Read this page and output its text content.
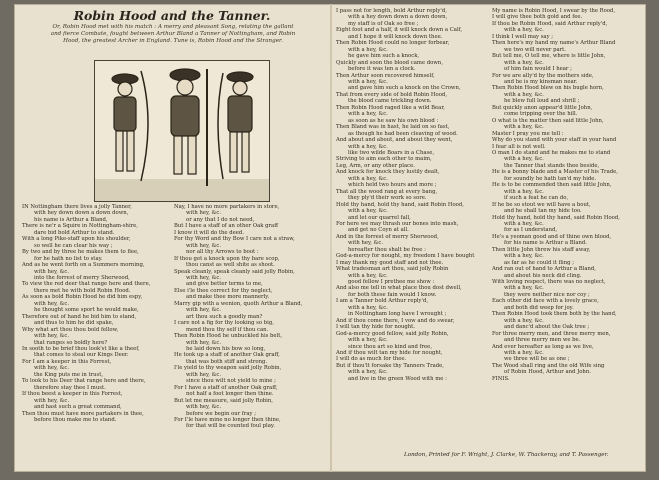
Robin Hood and the Tanner.
Or, Robin Hood met with his match : A merry and pleasant Song, relating the gallant
and fierce Combate, fought between Arthur Bland a Tanner of Nottingham, and Robin
Hood, the greatest Archer in England. Tune is, Robin Hood and the Stranger.
IN Nottingham there lives a jolly Tanner,
with hey down down a down down,
his name is Arthur a Bland,
There is ne'r a Squire in Nottingham-shire,
dare bid bold Arthur to stand.
With a long Pike-staff upon his shoulder,
so well he can clear his way ;
By two and by three he makes them to flee,
for he hath no list to stay.
And as he went forth on a Summers morning,
with hey, &c.
into the forrest of merry Sherwood,
To view the red deer that range here and there,
there met he with bold Robin Hood.
As soon as bold Robin Hood he did him espy,
with hey, &c.
he thought some sport he would make,
Therefore out of hand he bid him to stand,
and thus to him he did spake,
Why what art thou thou bold fellow,
with hey, &c.
that ranges so boldly here?
In sooth to be brief thou look'st like a theef,
that comes to steal our Kings Deer.
For I am a keeper in this Forrest,
with hey, &c.
the King puts me in trust,
To look to his Deer that range here and there,
therefore stay thee I must.
If thou beest a keeper in this Forrest,
with hey, &c.
and hast such a great command,
Then thou must have more partakers in thee,
before thou make me to stand.
Nay, I have no more partakers in store,
with hey, &c.
or any that I do not need,
But I have a staff of an other Oak graff
I know it will do the deed.
For thy Word and thy Bow I care not a straw,
with hey, &c.
nor all thy Arrows to boot :
If thou get a knock upon thy bare scop,
thou canst as well shite as shoot.
Speak cleanly, speak cleanly said jolly Robin,
with hey, &c.
and give better terms to me,
Else i'le thee correct for thy neglect,
and make thee more mannerly.
Marry gip with a wenion, quoth Arthur a Bland,
with hey, &c.
art thou such a goodly man?
I care not a fig for thy looking so big,
mend thou thy self if thou can.
Then Robin Hood he unbuckled his belt,
with hey, &c.
he laid down his bow so long,
He took up a staff of another Oak graff,
that was both stiff and strong.
I'le yield to thy weapon said jolly Robin,
with hey, &c.
since thou wilt not yield to mine ;
For I have a staff of another Oak graff,
not half a foot longer then thine.
But let me measure, said jolly Robin,
with hey, &c.
before we begin our fray ;
For I'le have mine no longer then thine,
for that will be counted foul play.
I pass not for length, bold Arthur reply'd,
with a hey down down a down down,
my staff is of Oak so free ;
Eight foot and a half, it will knock down a Calf,
and I hope it will knock down thee.
Then Robin Hood could no longer forbear,
with a hey, &c.
he gave him such a knock,
Quickly and soon the blood came down,
before it was ten a clock.
Then Arthur soon recovered himself,
with a hey, &c.
and gave him such a knock on the Crown,
That from every side of bold Robin Hood,
the blood came trickling down.
Then Robin Hood raged like a wild Bear,
with a hey, &c.
as soon as he saw his own blood :
Then Bland was in hast, he laid on so fast,
as though he had been cleaving of wood.
And about and about, and about they went,
with a hey, &c.
like two wilde Boars in a Chase,
Striving to aim each other to maim,
Leg, Arm, or any other place.
And knock for knock they lustily dealt,
with a hey, &c.
which held two hours and more ;
That all the wood rang at every bang,
they ply'd their work so sore.
Hold thy hand, hold thy hand, said Robin Hood,
with a hey, &c.
and let our quarrel fall,
For here we may thrash our bones into mash,
and get no Coyn at all.
And in the forrest of merry Sherwood,
with hey, &c.
hereafter thou shalt be free :
God-a-mercy for nought, my freedom I have bought
I may thank my good staff and not thee.
What tradesman art thou, said jolly Robin
with a hey, &c.
good fellow I prethee me show :
And also me tell in what place thou dost dwell,
for both these fain would I know.
I am a Tanner bold Arthur reply'd,
with a hey, &c.
in Nottingham long have I wrought ;
And if thou come there, I vow and do swear,
I will tan thy hide for nought.
God-a-mercy good fellow, said jolly Robin,
with a hey, &c.
since thou art so kind and free,
And if thou wilt tan my hide for nought,
I will do as much for thee.
But if thou'lt forsake thy Tanners Trade,
with a hey, &c.
and live in the green Wood with me :
My name is Robin Hood, I swear by the Rood,
I will give thee both gold and fee.
If thou be Robin Hood, said Arthur reply'd,
with a hey, &c.
I think I well may say ;
Then here's my hand my name's Arthur Bland
we two will never part.
But tell me, O tell me, where is little John,
with a hey, &c.
of him fain would I hear ;
For we are ally'd by the mothers side,
and he is my kinsman near.
Then Robin Hood blew on his bugle horn,
with a hey, &c.
he blew full loud and shrill ;
But quickly anon appear'd little John,
come tripping over the hill.
O what is the matter then said little John,
with a hey, &c.
Master I pray you me tell :
Why do you stand with your staff in your hand
I fear all is not well.
O man I do stand and he makes me to stand
with a hey, &c.
the Tanner that stands thee beside,
He is a bonny blade and a Master of his Trade,
for soundly he hath tan'd my hide.
He is to be commended then said little John,
with a hey, &c.
if such a feat he can do,
If he be so stout we will have a bout,
and he shall tan my hide too.
Hold thy hand, hold thy hand, said Robin Hood,
with a hey, &c.
for as I understand,
He's a yeoman good and of thine own blood,
for his name is Arthur a Bland.
Then little John threw his staff away,
with a hey, &c.
as far as he could it fling ;
And ran out of hand to Arthur a Bland,
and about his neck did cling.
With loving respect, there was no neglect,
with a hey, &c.
they were neither nice nor coy ;
Each other did face with a lovely grace,
and both did weep for joy.
Then Robin Hood took them both by the hand,
with a hey, &c.
and danc'd about the Oak tree ;
For three merry men, and three merry men,
and three merry men we be.
And ever hereafter as long as we live,
with a hey, &c.
we three will be as one ;
The Wood shall ring and the old Wife sing
of Robin Hood, Arthur and John.
FINIS.
London, Printed for F. Wright, J. Clarke, W. Thackeray, and T. Passenger.
